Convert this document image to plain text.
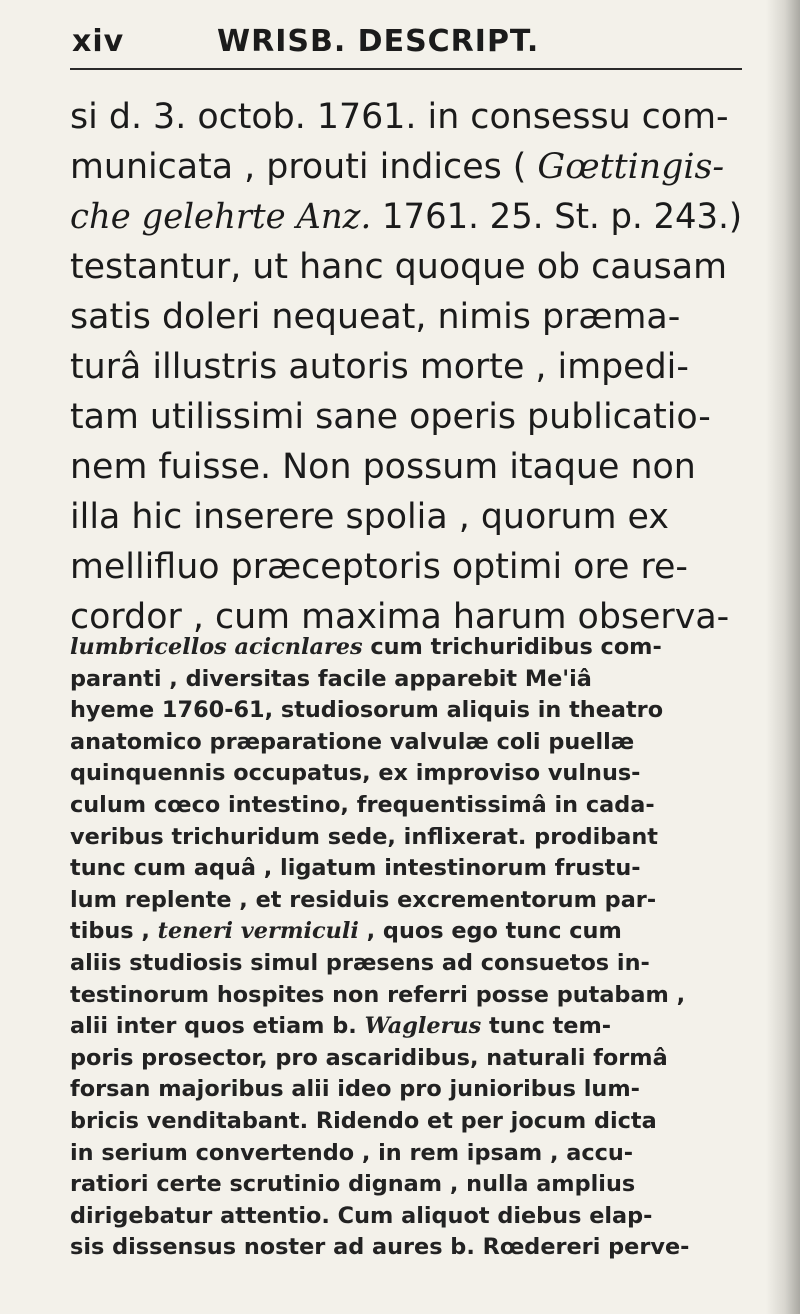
xiv	WRISB. DESCRIPT.
si d. 3. octob. 1761. in consessu com-
municata , prouti indices ( Gœttingis-
che gelehrte Anz. 1761. 25. St. p. 243.)
testantur, ut hanc quoque ob causam
satis doleri nequeat, nimis præma-
turâ illustris autoris morte , impedi-
tam utilissimi sane operis publicatio-
nem fuisse. Non possum itaque non
illa hic inserere spolia , quorum ex
mellifluo præceptoris optimi ore re-
cordor , cum maxima harum observa-
lumbricellos acicnlares cum trichuridibus com-
paranti , diversitas facile apparebit Me'iâ
hyeme 1760-61, studiosorum aliquis in theatro
anatomico præparatione valvulæ coli puellæ
quinquennis occupatus, ex improviso vulnus-
culum cœco intestino, frequentissimâ in cada-
veribus trichuridum sede, inflixerat. prodibant
tunc cum aquâ , ligatum intestinorum frustu-
lum replente , et residuis excrementorum par-
tibus , teneri vermiculi , quos ego tunc cum
aliis studiosis simul præsens ad consuetos in-
testinorum hospites non referri posse putabam ,
alii inter quos etiam b. Waglerus tunc tem-
poris prosector, pro ascaridibus, naturali formâ
forsan majoribus alii ideo pro junioribus lum-
bricis venditabant. Ridendo et per jocum dicta
in serium convertendo , in rem ipsam , accu-
ratiori certe scrutinio dignam , nulla amplius
dirigebatur attentio. Cum aliquot diebus elap-
sis dissensus noster ad aures b. Rœdereri perve-
